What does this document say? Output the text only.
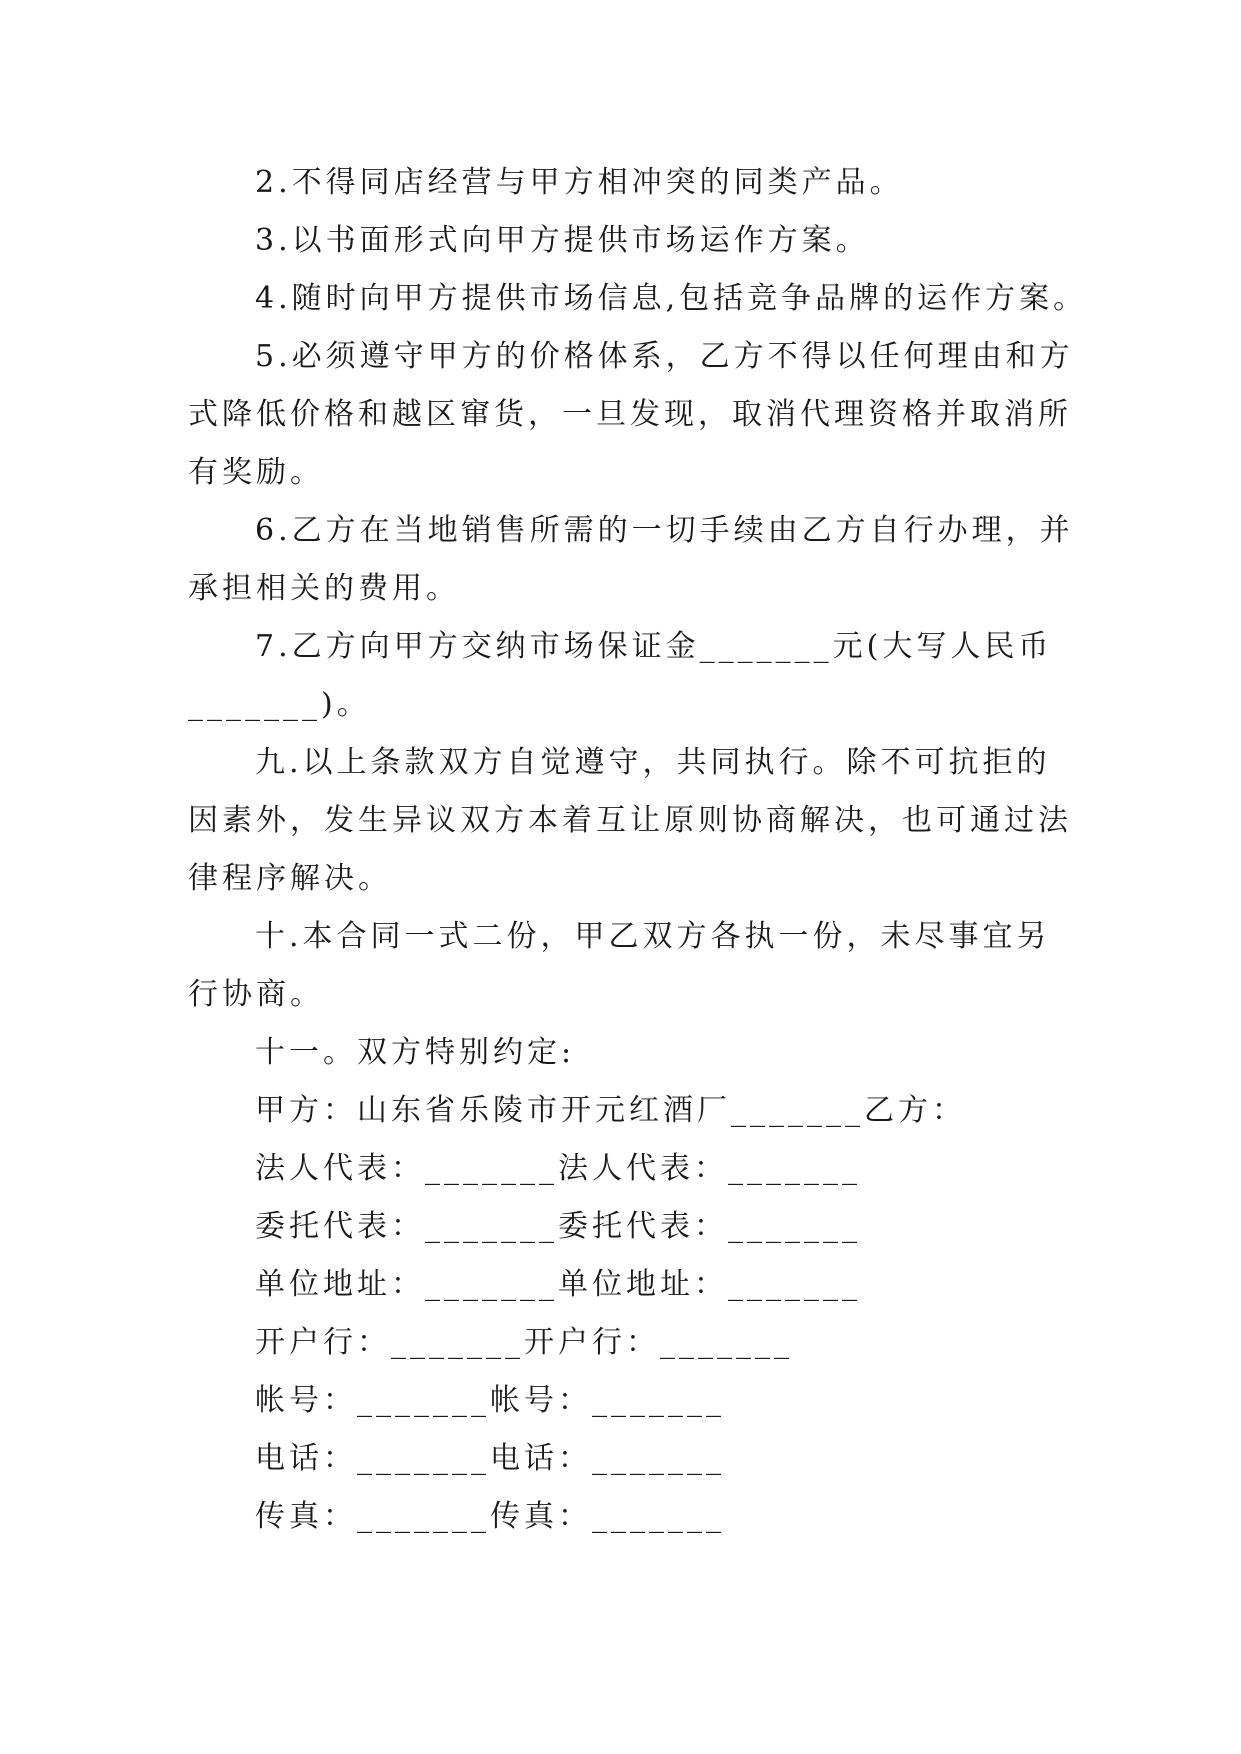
2.不得同店经营与甲方相冲突的同类产品。
3.以书面形式向甲方提供市场运作方案。
4.随时向甲方提供市场信息,包括竞争品牌的运作方案。
5.必须遵守甲方的价格体系，乙方不得以任何理由和方
式降低价格和越区窜货，一旦发现，取消代理资格并取消所
有奖励。
6.乙方在当地销售所需的一切手续由乙方自行办理，并
承担相关的费用。
7.乙方向甲方交纳市场保证金_______元(大写人民币
_______)。
九.以上条款双方自觉遵守，共同执行。除不可抗拒的
因素外，发生异议双方本着互让原则协商解决，也可通过法
律程序解决。
十.本合同一式二份，甲乙双方各执一份，未尽事宜另
行协商。
十一。双方特别约定:
甲方：山东省乐陵市开元红酒厂_______乙方：
法人代表：_______法人代表：_______
委托代表：_______委托代表：_______
单位地址：_______单位地址：_______
开户行：_______开户行：_______
帐号：_______帐号：_______
电话：_______电话：_______
传真：_______传真：_______
